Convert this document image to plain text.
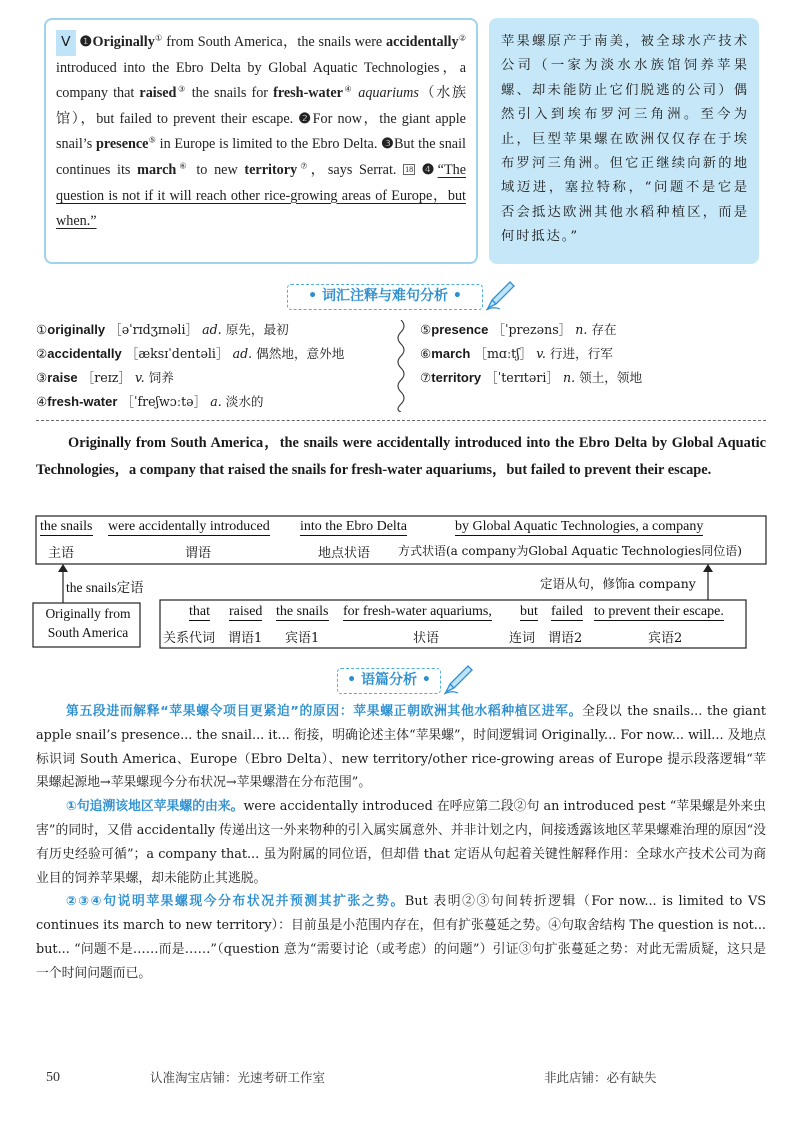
Ⅴ ❶Originally① from South America，the snails were accidentally② introduced into the Ebro Delta by Global Aquatic Technologies，a company that raised③ the snails for fresh-water④ aquariums（水族馆），but failed to prevent their escape. ❷For now，the giant apple snail’s presence⑤ in Europe is limited to the Ebro Delta. ❸But the snail continues its march⑥ to new territory⑦，says Serrat. 18 ❹“The question is not if it will reach other rice-growing areas of Europe，but when.”
苹果螺原产于南美，被全球水产技术公司（一家为淡水水族馆饲养苹果螺、却未能防止它们脱逃的公司）偶然引入到埃布罗河三角洲。至今为止，巨型苹果螺在欧洲仅仅存在于埃布罗河三角洲。但它正继续向新的地域迈进，塞拉特称，“问题不是它是否会抵达欧洲其他水稻种植区，而是何时抵达。”
• 词汇注释与难句分析 •
①originally ［əˈrɪdʒɪnəli］ ad. 原先，最初
②accidentally ［æksɪˈdentəli］ ad. 偶然地，意外地
③raise ［reɪz］ v. 饲养
④fresh-water ［ˈfreʃwɔːtə］ a. 淡水的
⑤presence ［ˈprezəns］ n. 存在
⑥march ［mɑːtʃ］ v. 行进，行军
⑦territory ［ˈterɪtəri］ n. 领土，领地
Originally from South America，the snails were accidentally introduced into the Ebro Delta by Global Aquatic Technologies，a company that raised the snails for fresh-water aquariums，but failed to prevent their escape.
the snails were accidentally introduced into the Ebro Delta	by Global Aquatic Technologies, a company
主语	谓语	地点状语 方式状语(a company为Global Aquatic Technologies同位语)
the snails定语	定语从句，修饰a company
Originally from South America
that raised the snails for fresh-water aquariums, but failed to prevent their escape.
关系代词 谓语1 宾语1	状语	连词 谓语2	宾语2
• 语篇分析 •

第五段进而解释“苹果螺令项目更紧迫”的原因：苹果螺正朝欧洲其他水稻种植区进军。全段以 the snails... the giant apple snail’s presence... the snail... it... 衔接，明确论述主体“苹果螺”，时间逻辑词 Originally... For now... will... 及地点标识词 South America、Europe（Ebro Delta）、new territory/other rice-growing areas of Europe 提示段落逻辑“苹果螺起源地→苹果螺现今分布状况→苹果螺潜在分布范围”。

①句追溯该地区苹果螺的由来。were accidentally introduced 在呼应第二段②句 an introduced pest “苹果螺是外来虫害”的同时，又借 accidentally 传递出这一外来物种的引入属实属意外、并非计划之内，间接透露该地区苹果螺难治理的原因“没有历史经验可循”；a company that... 虽为附属的同位语，但却借 that 定语从句起着关键性解释作用：全球水产技术公司为商业目的饲养苹果螺，却未能防止其逃脱。

②③④句说明苹果螺现今分布状况并预测其扩张之势。But 表明②③句间转折逻辑（For now... is limited to VS continues its march to new territory）：目前虽是小范围内存在，但有扩张蔓延之势。④句取舍结构 The question is not... but... “问题不是……而是……”（question 意为“需要讨论（或考虑）的问题”）引证③句扩张蔓延之势：对此无需质疑，这只是一个时间问题而已。

50	认准淘宝店铺：光速考研工作室	非此店铺：必有缺失
